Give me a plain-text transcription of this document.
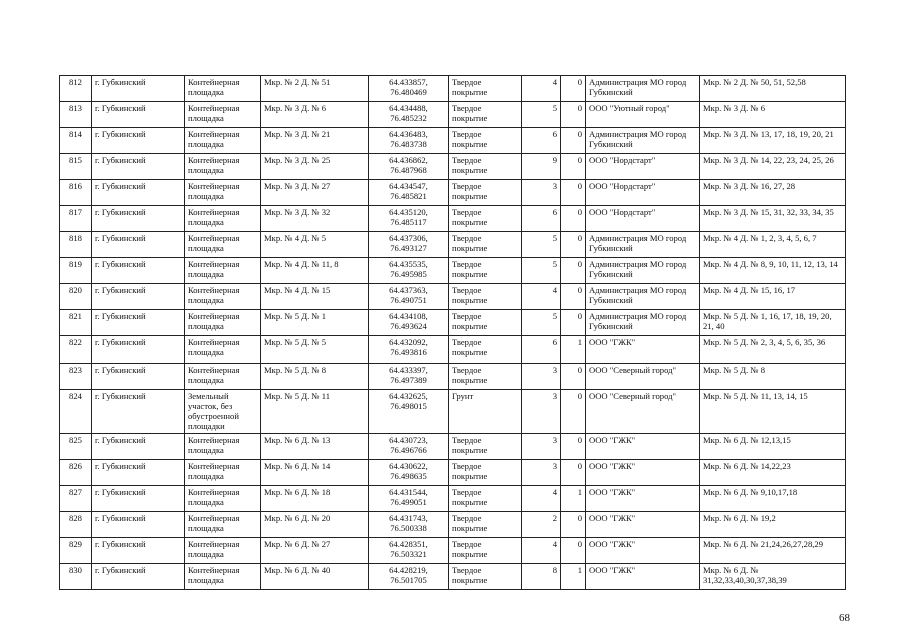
812	г. Губкинский	Контейнерная площадка	Мкр. № 2 Д. № 51	64.433857, 76.480469	Твердое покрытие	4	0	Администрация МО город Губкинский	Мкр. № 2 Д. № 50, 51, 52,58
813	г. Губкинский	Контейнерная площадка	Мкр. № 3 Д. № 6	64.434488, 76.485232	Твердое покрытие	5	0	ООО "Уютный город"	Мкр. № 3 Д. № 6
814	г. Губкинский	Контейнерная площадка	Мкр. № 3 Д. № 21	64.436483, 76.483738	Твердое покрытие	6	0	Администрация МО город Губкинский	Мкр. № 3 Д. № 13, 17, 18, 19, 20, 21
815	г. Губкинский	Контейнерная площадка	Мкр. № 3 Д. № 25	64.436862, 76.487968	Твердое покрытие	9	0	ООО "Нордстарт"	Мкр. № 3 Д. № 14, 22, 23, 24, 25, 26
816	г. Губкинский	Контейнерная площадка	Мкр. № 3 Д. № 27	64.434547, 76.485821	Твердое покрытие	3	0	ООО "Нордстарт"	Мкр. № 3 Д. № 16, 27, 28
817	г. Губкинский	Контейнерная площадка	Мкр. № 3 Д. № 32	64.435120, 76.485117	Твердое покрытие	6	0	ООО "Нордстарт"	Мкр. № 3 Д. № 15, 31, 32, 33, 34, 35
818	г. Губкинский	Контейнерная площадка	Мкр. № 4 Д. № 5	64.437306, 76.493127	Твердое покрытие	5	0	Администрация МО город Губкинский	Мкр. № 4 Д. № 1, 2, 3, 4, 5, 6, 7
819	г. Губкинский	Контейнерная площадка	Мкр. № 4 Д. № 11, 8	64.435535, 76.495985	Твердое покрытие	5	0	Администрация МО город Губкинский	Мкр. № 4 Д. № 8, 9, 10, 11, 12, 13, 14
820	г. Губкинский	Контейнерная площадка	Мкр. № 4 Д. № 15	64.437363, 76.490751	Твердое покрытие	4	0	Администрация МО город Губкинский	Мкр. № 4 Д. № 15, 16, 17
821	г. Губкинский	Контейнерная площадка	Мкр. № 5 Д. № 1	64.434108, 76.493624	Твердое покрытие	5	0	Администрация МО город Губкинский	Мкр. № 5 Д. № 1, 16, 17, 18, 19, 20, 21, 40
822	г. Губкинский	Контейнерная площадка	Мкр. № 5 Д. № 5	64.432092, 76.493816	Твердое покрытие	6	1	ООО "ГЖК"	Мкр. № 5 Д. № 2, 3, 4, 5, 6, 35, 36
823	г. Губкинский	Контейнерная площадка	Мкр. № 5 Д. № 8	64.433397, 76.497389	Твердое покрытие	3	0	ООО "Северный город"	Мкр. № 5 Д. № 8
824	г. Губкинский	Земельный участок, без обустроенной площадки	Мкр. № 5 Д. № 11	64.432625, 76.498015	Грунт	3	0	ООО "Северный город"	Мкр. № 5 Д. № 11, 13, 14, 15
825	г. Губкинский	Контейнерная площадка	Мкр. № 6 Д. № 13	64.430723, 76.496766	Твердое покрытие	3	0	ООО "ГЖК"	Мкр. № 6 Д. № 12,13,15
826	г. Губкинский	Контейнерная площадка	Мкр. № 6 Д. № 14	64.430622, 76.498635	Твердое покрытие	3	0	ООО "ГЖК"	Мкр. № 6 Д. № 14,22,23
827	г. Губкинский	Контейнерная площадка	Мкр. № 6 Д. № 18	64.431544, 76.499051	Твердое покрытие	4	1	ООО "ГЖК"	Мкр. № 6 Д. № 9,10,17,18
828	г. Губкинский	Контейнерная площадка	Мкр. № 6 Д. № 20	64.431743, 76.500338	Твердое покрытие	2	0	ООО "ГЖК"	Мкр. № 6 Д. № 19,2
829	г. Губкинский	Контейнерная площадка	Мкр. № 6 Д. № 27	64.428351, 76.503321	Твердое покрытие	4	0	ООО "ГЖК"	Мкр. № 6 Д. № 21,24,26,27,28,29
830	г. Губкинский	Контейнерная площадка	Мкр. № 6 Д. № 40	64.428219, 76.501705	Твердое покрытие	8	1	ООО "ГЖК"	Мкр. № 6 Д. № 31,32,33,40,30,37,38,39
68
